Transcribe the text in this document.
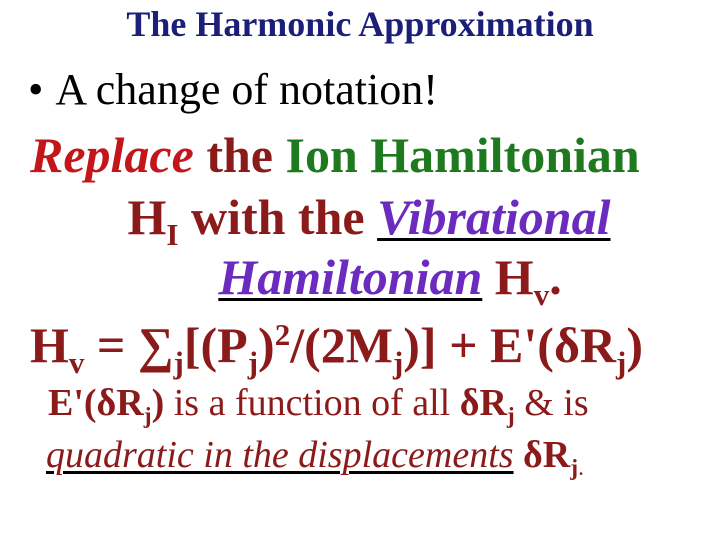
The Harmonic Approximation
• A change of notation!
Replace the Ion Hamiltonian
$H_I$ with the Vibrational
Hamiltonian $H_v$.
$H_v = \sum_j[(P_j)^2/(2M_j)] + E'(\delta R_j)$
$E'(\delta R_j)$ is a function of all $\delta R_j$ & is
quadratic in the displacements $\delta R_{j.}$
